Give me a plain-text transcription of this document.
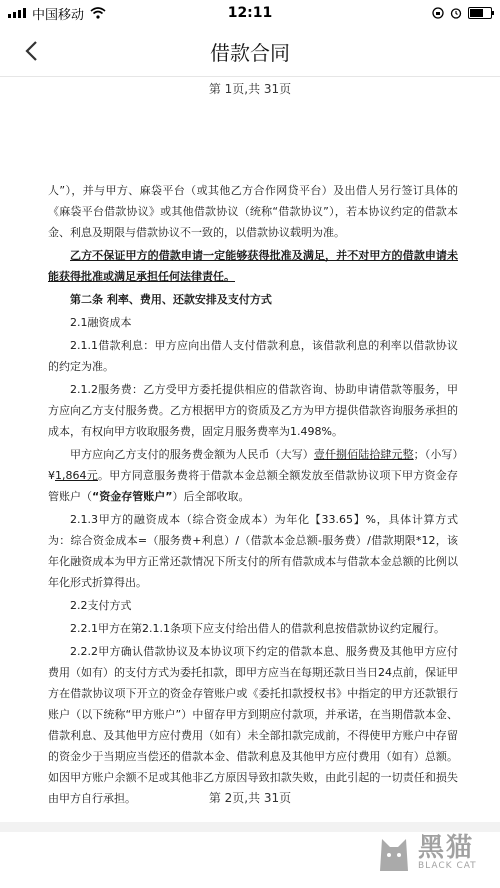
中国移动	12:11
借款合同
第 1页,共 31页

人”），并与甲方、麻袋平台（或其他乙方合作网贷平台）及出借人另行签订具体的《麻袋平台借款协议》或其他借款协议（统称“借款协议”），若本协议约定的借款本金、利息及期限与借款协议不一致的，以借款协议载明为准。

乙方不保证甲方的借款申请一定能够获得批准及满足，并不对甲方的借款申请未能获得批准或满足承担任何法律责任。

第二条 利率、费用、还款安排及支付方式

2.1融资成本

2.1.1借款利息：甲方应向出借人支付借款利息，该借款利息的利率以借款协议的约定为准。

2.1.2服务费：乙方受甲方委托提供相应的借款咨询、协助申请借款等服务，甲方应向乙方支付服务费。乙方根据甲方的资质及乙方为甲方提供借款咨询服务承担的成本，有权向甲方收取服务费，固定月服务费率为1.498%。

甲方应向乙方支付的服务费金额为人民币（大写）壹仟捌佰陆拾肆元整；（小写）¥1,864元。甲方同意服务费将于借款本金总额全额发放至借款协议项下甲方资金存管账户（“资金存管账户”）后全部收取。

2.1.3甲方的融资成本（综合资金成本）为年化【33.65】%，具体计算方式为：综合资金成本=（服务费+利息）/（借款本金总额-服务费）/借款期限*12，该年化融资成本为甲方正常还款情况下所支付的所有借款成本与借款本金总额的比例以年化形式折算得出。

2.2支付方式

2.2.1甲方在第2.1.1条项下应支付给出借人的借款利息按借款协议约定履行。

2.2.2甲方确认借款协议及本协议项下约定的借款本息、服务费及其他甲方应付费用（如有）的支付方式为委托扣款，即甲方应当在每期还款日当日24点前，保证甲方在借款协议项下开立的资金存管账户或《委托扣款授权书》中指定的甲方还款银行账户（以下统称“甲方账户”）中留存甲方到期应付款项，并承诺，在当期借款本金、借款利息、及其他甲方应付费用（如有）未全部扣款完成前，不得使甲方账户中存留的资金少于当期应当偿还的借款本金、借款利息及其他甲方应付费用（如有）总额。如因甲方账户余额不足或其他非乙方原因导致扣款失败，由此引起的一切责任和损失由甲方自行承担。	第 2页,共 31页
黑猫
BLACK CAT
